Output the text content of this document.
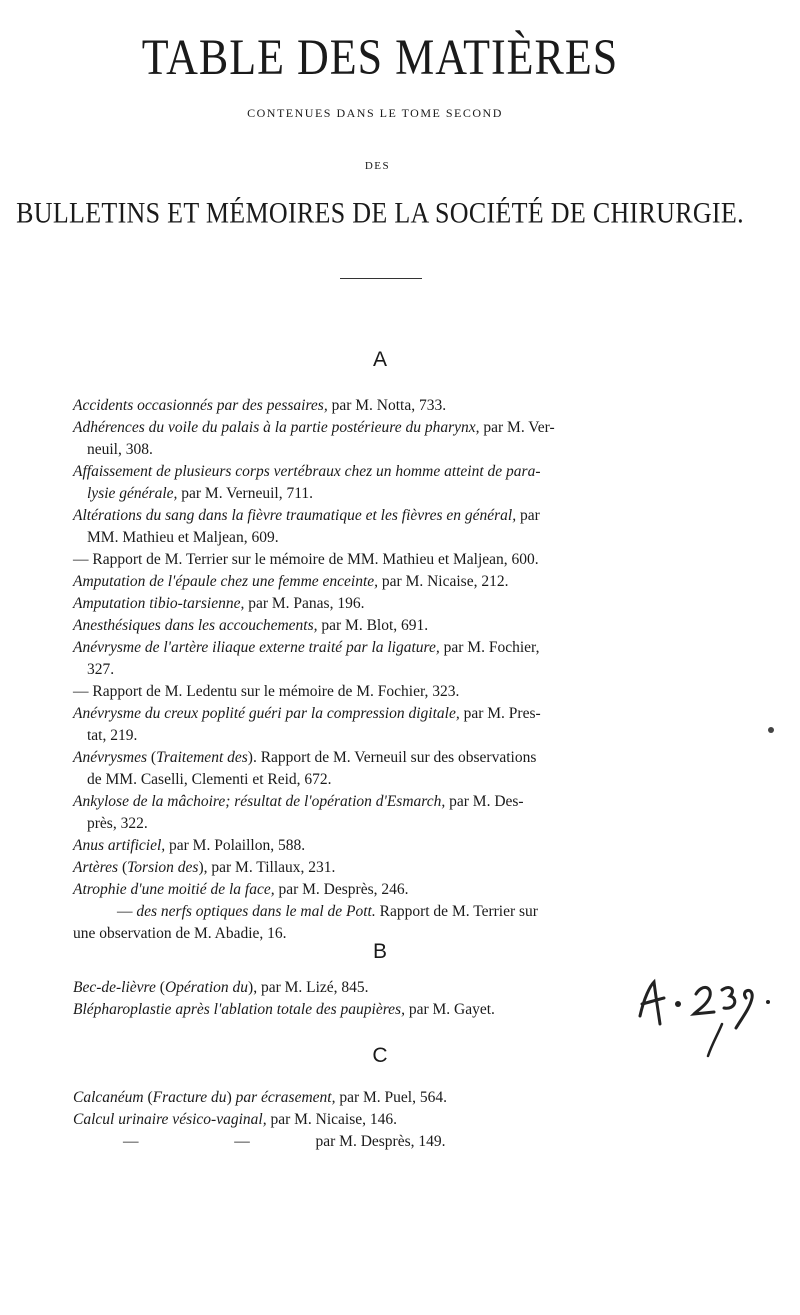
TABLE DES MATIÈRES
CONTENUES DANS LE TOME SECOND
DES
BULLETINS ET MÉMOIRES DE LA SOCIÉTÉ DE CHIRURGIE.
A
Accidents occasionnés par des pessaires, par M. Notta, 733.
Adhérences du voile du palais à la partie postérieure du pharynx, par M. Ver-
neuil, 308.
Affaissement de plusieurs corps vertébraux chez un homme atteint de para-
lysie générale, par M. Verneuil, 711.
Altérations du sang dans la fièvre traumatique et les fièvres en général, par
MM. Mathieu et Maljean, 609.
— Rapport de M. Terrier sur le mémoire de MM. Mathieu et Maljean, 600.
Amputation de l'épaule chez une femme enceinte, par M. Nicaise, 212.
Amputation tibio-tarsienne, par M. Panas, 196.
Anesthésiques dans les accouchements, par M. Blot, 691.
Anévrysme de l'artère iliaque externe traité par la ligature, par M. Fochier,
327.
— Rapport de M. Ledentu sur le mémoire de M. Fochier, 323.
Anévrysme du creux poplité guéri par la compression digitale, par M. Pres-
tat, 219.
Anévrysmes (Traitement des). Rapport de M. Verneuil sur des observations
de MM. Caselli, Clementi et Reid, 672.
Ankylose de la mâchoire; résultat de l'opération d'Esmarch, par M. Des-
près, 322.
Anus artificiel, par M. Polaillon, 588.
Artères (Torsion des), par M. Tillaux, 231.
Atrophie d'une moitié de la face, par M. Desprès, 246.
— des nerfs optiques dans le mal de Pott. Rapport de M. Terrier sur
une observation de M. Abadie, 16.
B
Bec-de-lièvre (Opération du), par M. Lizé, 845.
Blépharoplastie après l'ablation totale des paupières, par M. Gayet.
C
Calcanéum (Fracture du) par écrasement, par M. Puel, 564.
Calcul urinaire vésico-vaginal, par M. Nicaise, 146.
—	—	par M. Desprès, 149.
